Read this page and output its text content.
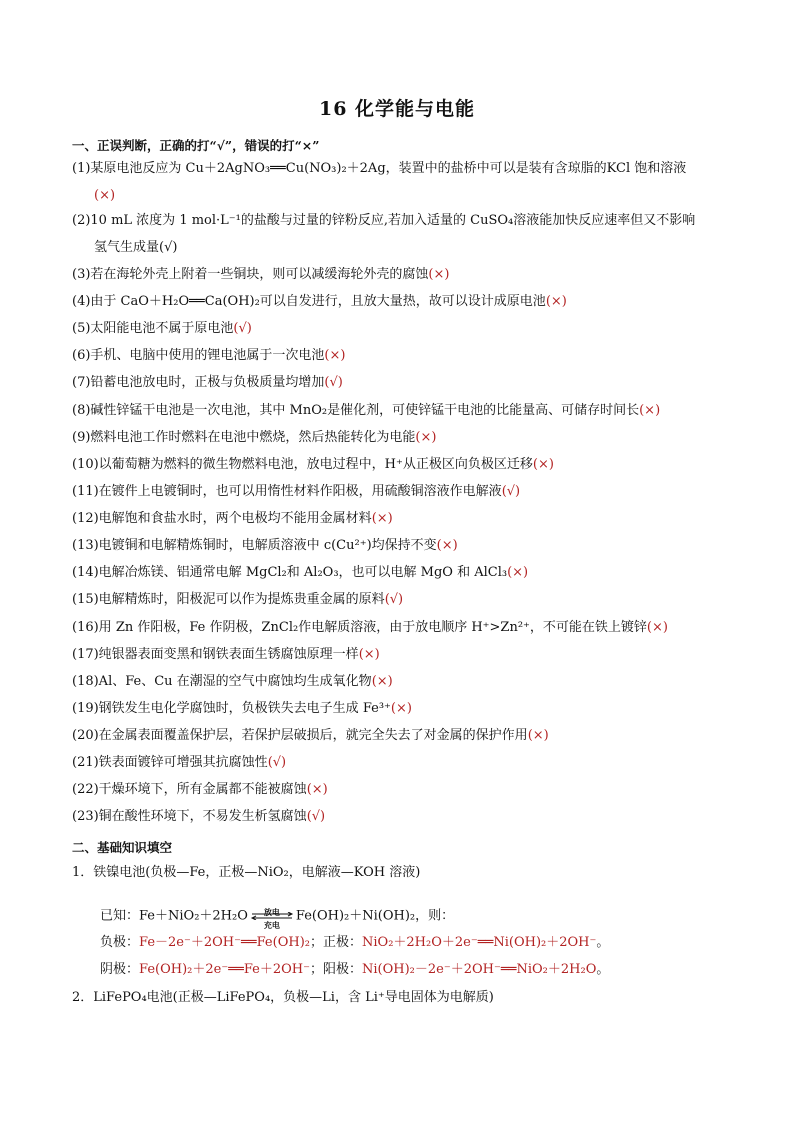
16 化学能与电能
一、正误判断，正确的打“√”，错误的打“×”
(1)某原电池反应为 Cu＋2AgNO₃══Cu(NO₃)₂＋2Ag，装置中的盐桥中可以是装有含琼脂的KCl 饱和溶液
(×)
(2)10 mL 浓度为 1 mol·L⁻¹的盐酸与过量的锌粉反应,若加入适量的 CuSO₄溶液能加快反应速率但又不影响
氢气生成量(√)
(3)若在海轮外壳上附着一些铜块，则可以减缓海轮外壳的腐蚀(×)
(4)由于 CaO＋H₂O══Ca(OH)₂可以自发进行，且放大量热，故可以设计成原电池(×)
(5)太阳能电池不属于原电池(√)
(6)手机、电脑中使用的锂电池属于一次电池(×)
(7)铅蓄电池放电时，正极与负极质量均增加(√)
(8)碱性锌锰干电池是一次电池，其中 MnO₂是催化剂，可使锌锰干电池的比能量高、可储存时间长(×)
(9)燃料电池工作时燃料在电池中燃烧，然后热能转化为电能(×)
(10)以葡萄糖为燃料的微生物燃料电池，放电过程中，H⁺从正极区向负极区迁移(×)
(11)在镀件上电镀铜时，也可以用惰性材料作阳极，用硫酸铜溶液作电解液(√)
(12)电解饱和食盐水时，两个电极均不能用金属材料(×)
(13)电镀铜和电解精炼铜时，电解质溶液中 c(Cu²⁺)均保持不变(×)
(14)电解冶炼镁、铝通常电解 MgCl₂和 Al₂O₃，也可以电解 MgO 和 AlCl₃(×)
(15)电解精炼时，阳极泥可以作为提炼贵重金属的原料(√)
(16)用 Zn 作阳极，Fe 作阴极，ZnCl₂作电解质溶液，由于放电顺序 H⁺>Zn²⁺，不可能在铁上镀锌(×)
(17)纯银器表面变黑和钢铁表面生锈腐蚀原理一样(×)
(18)Al、Fe、Cu 在潮湿的空气中腐蚀均生成氧化物(×)
(19)钢铁发生电化学腐蚀时，负极铁失去电子生成 Fe³⁺(×)
(20)在金属表面覆盖保护层，若保护层破损后，就完全失去了对金属的保护作用(×)
(21)铁表面镀锌可增强其抗腐蚀性(√)
(22)干燥环境下，所有金属都不能被腐蚀(×)
(23)铜在酸性环境下，不易发生析氢腐蚀(√)
二、基础知识填空
1．铁镍电池(负极—Fe，正极—NiO₂，电解液—KOH 溶液)
已知：Fe＋NiO₂＋2H₂O	放电
充电
Fe(OH)₂＋Ni(OH)₂，则：
负极：Fe－2e⁻＋2OH⁻══Fe(OH)₂；正极：NiO₂＋2H₂O＋2e⁻══Ni(OH)₂＋2OH⁻。
阴极：Fe(OH)₂＋2e⁻══Fe＋2OH⁻；阳极：Ni(OH)₂－2e⁻＋2OH⁻══NiO₂＋2H₂O。
2．LiFePO₄电池(正极—LiFePO₄，负极—Li，含 Li⁺导电固体为电解质)
